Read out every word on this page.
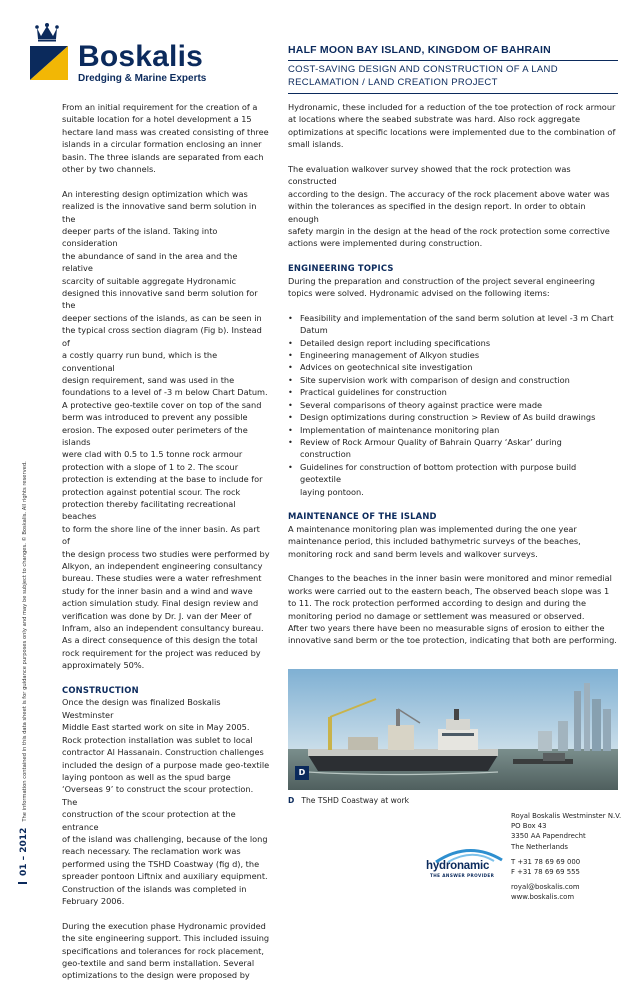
Boskalis
Dredging & Marine Experts
HALF MOON BAY ISLAND, KINGDOM OF BAHRAIN
COST-SAVING DESIGN AND CONSTRUCTION OF A LAND
RECLAMATION / LAND CREATION PROJECT
01 – 2012The information contained in this data sheet is for guidance purposes only and may be subject to changes. © Boskalis. All rights reserved.
From an initial requirement for the creation of a
suitable location for a hotel development a 15
hectare land mass was created consisting of three
islands in a circular formation enclosing an inner
basin. The three islands are separated from each
other by two channels.
An interesting design optimization which was
realized is the innovative sand berm solution in the
deeper parts of the island. Taking into consideration
the abundance of sand in the area and the relative
scarcity of suitable aggregate Hydronamic
designed this innovative sand berm solution for the
deeper sections of the islands, as can be seen in
the typical cross section diagram (Fig b). Instead of
a costly quarry run bund, which is the conventional
design requirement, sand was used in the
foundations to a level of -3 m below Chart Datum.
A protective geo-textile cover on top of the sand
berm was introduced to prevent any possible
erosion. The exposed outer perimeters of the islands
were clad with 0.5 to 1.5 tonne rock armour
protection with a slope of 1 to 2. The scour
protection is extending at the base to include for
protection against potential scour. The rock
protection thereby facilitating recreational beaches
to form the shore line of the inner basin. As part of
the design process two studies were performed by
Alkyon, an independent engineering consultancy
bureau. These studies were a water refreshment
study for the inner basin and a wind and wave
action simulation study. Final design review and
verification was done by Dr. J. van der Meer of
Infram, also an independent consultancy bureau.
As a direct consequence of this design the total
rock requirement for the project was reduced by
approximately 50%.

CONSTRUCTION

Once the design was finalized Boskalis Westminster
Middle East started work on site in May 2005.
Rock protection installation was sublet to local
contractor Al Hassanain. Construction challenges
included the design of a purpose made geo-textile
laying pontoon as well as the spud barge
‘Overseas 9’ to construct the scour protection. The
construction of the scour protection at the entrance
of the island was challenging, because of the long
reach necessary. The reclamation work was
performed using the TSHD Coastway (fig d), the
spreader pontoon Liftnix and auxiliary equipment.
Construction of the islands was completed in
February 2006.
During the execution phase Hydronamic provided
the site engineering support. This included issuing
specifications and tolerances for rock placement,
geo-textile and sand berm installation. Several
optimizations to the design were proposed by
Hydronamic, these included for a reduction of the toe protection of rock armour
at locations where the seabed substrate was hard. Also rock aggregate
optimizations at specific locations were implemented due to the combination of
small islands.
The evaluation walkover survey showed that the rock protection was constructed
according to the design. The accuracy of the rock placement above water was
within the tolerances as specified in the design report. In order to obtain enough
safety margin in the design at the head of the rock protection some corrective
actions were implemented during construction.

ENGINEERING TOPICS

During the preparation and construction of the project several engineering
topics were solved. Hydronamic advised on the following items:
• Feasibility and implementation of the sand berm solution at level -3 m Chart Datum
• Detailed design report including specifications
• Engineering management of Alkyon studies
• Advices on geotechnical site investigation
• Site supervision work with comparison of design and construction
• Practical guidelines for construction
• Several comparisons of theory against practice were made
• Design optimizations during construction > Review of As build drawings
• Implementation of maintenance monitoring plan
• Review of Rock Armour Quality of Bahrain Quarry ‘Askar’ during
construction
• Guidelines for construction of bottom protection with purpose build geotextile
laying pontoon.

MAINTENANCE OF THE ISLAND

A maintenance monitoring plan was implemented during the one year
maintenance period, this included bathymetric surveys of the beaches,
monitoring rock and sand berm levels and walkover surveys.
Changes to the beaches in the inner basin were monitored and minor remedial
works were carried out to the eastern beach, The observed beach slope was 1
to 11. The rock protection performed according to design and during the
monitoring period no damage or settlement was measured or observed.
After two years there have been no measurable signs of erosion to either the
innovative sand berm or the toe protection, indicating that both are performing.
D
D The TSHD Coastway at work
Royal Boskalis Westminster N.V.
PO Box 43
3350 AA Papendrecht
The Netherlands
T +31 78 69 69 000
F +31 78 69 69 555
royal@boskalis.com
www.boskalis.com
hydronamic
THE ANSWER PROVIDER
